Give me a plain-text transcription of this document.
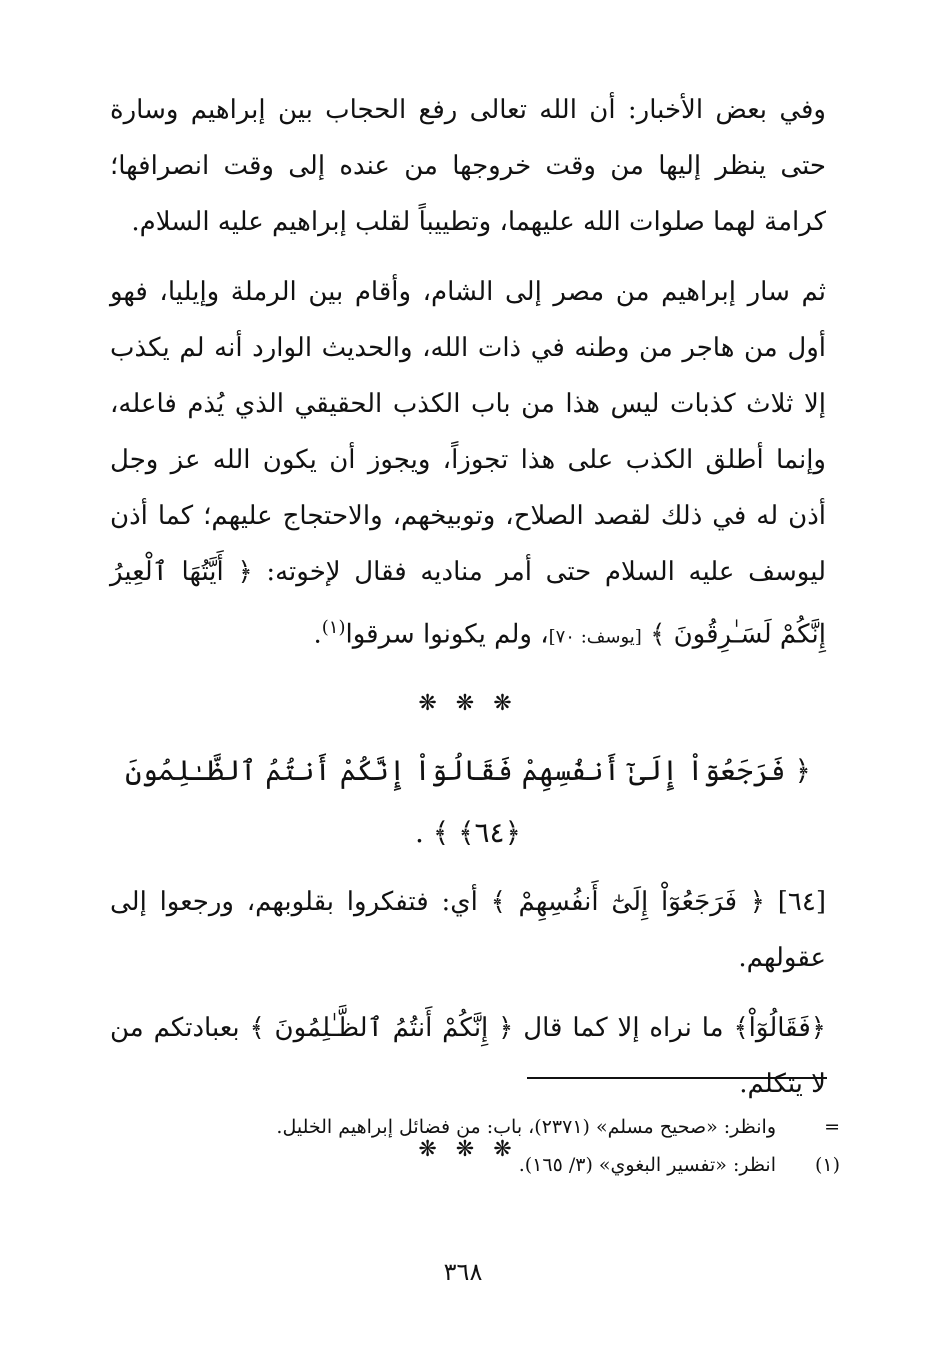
وفي بعض الأخبار: أن الله تعالى رفع الحجاب بين إبراهيم وسارة حتى ينظر إليها من وقت خروجها من عنده إلى وقت انصرافها؛ كرامة لهما صلوات الله عليهما، وتطييباً لقلب إبراهيم عليه السلام.

ثم سار إبراهيم من مصر إلى الشام، وأقام بين الرملة وإيليا، فهو أول من هاجر من وطنه في ذات الله، والحديث الوارد أنه لم يكذب إلا ثلاث كذبات ليس هذا من باب الكذب الحقيقي الذي يُذم فاعله، وإنما أطلق الكذب على هذا تجوزاً، ويجوز أن يكون الله عز وجل أذن له في ذلك لقصد الصلاح، وتوبيخهم، والاحتجاج عليهم؛ كما أذن ليوسف عليه السلام حتى أمر مناديه فقال لإخوته: ﴿ أَيَّتُهَا ٱلْعِيرُ إِنَّكُمْ لَسَـٰرِقُونَ ﴾ [يوسف: ٧٠]، ولم يكونوا سرقوا$^{(١)}$.

❋ ❋ ❋
﴿ فَرَجَعُوٓاْ إِلَىٰٓ أَنفُسِهِمْ فَقَالُوٓاْ إِنَّكُمْ أَنتُمُ ٱلظَّـٰلِمُونَ ﴿٦٤﴾ ﴾ .

[٦٤] ﴿ فَرَجَعُوٓاْ إِلَىٰٓ أَنفُسِهِمْ ﴾ أي: فتفكروا بقلوبهم، ورجعوا إلى عقولهم.

﴿فَقَالُوٓاْ﴾ ما نراه إلا كما قال ﴿ إِنَّكُمْ أَنتُمُ ٱلظَّـٰلِمُونَ ﴾ بعبادتكم من لا يتكلم.

❋ ❋ ❋
=
وانظر: «صحيح مسلم» (٢٣٧١)، باب: من فضائل إبراهيم الخليل.
(١)
انظر: «تفسير البغوي» (٣/ ١٦٥).
٣٦٨
